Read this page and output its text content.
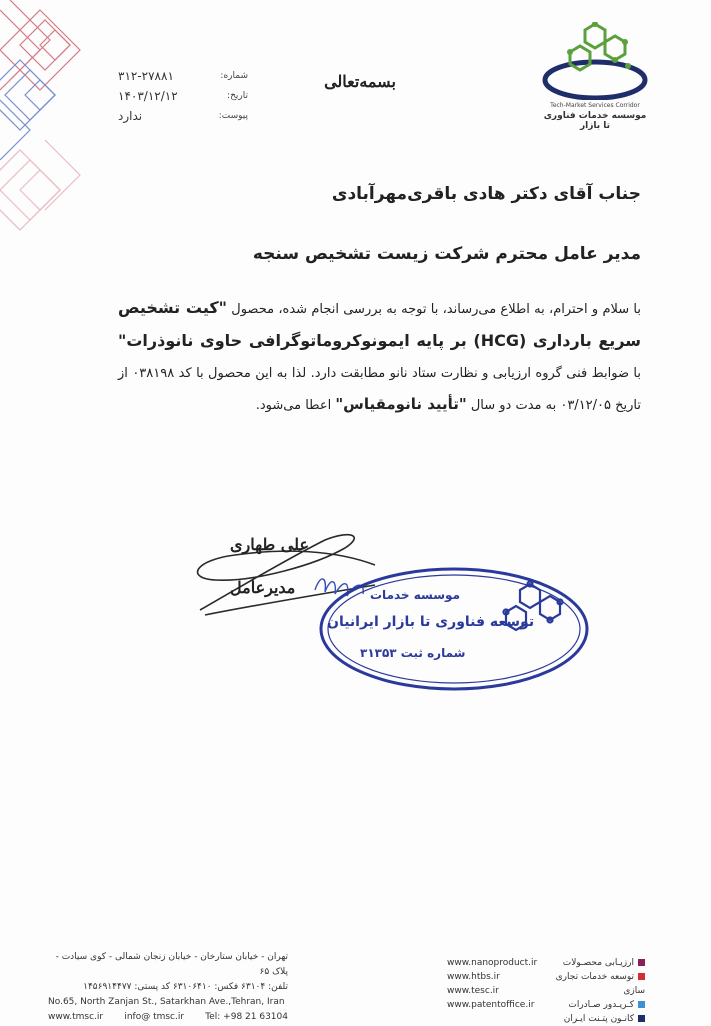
Tech-Market Services Corridor
موسسه خدمات فناوری تا بازار
بسمه‌تعالی
شماره:
۳۱۲-۲۷۸۸۱
تاریخ:
۱۴۰۳/۱۲/۱۲
پیوست:
ندارد
جناب آقای دکتر هادی باقری‌مهرآبادی
مدیر عامل محترم شرکت زیست تشخیص سنجه
با سلام و احترام، به اطلاع می‌رساند، با توجه به بررسی انجام شده، محصول "کیت تشخیص سریع بارداری (HCG) بر پایه ایمونوکروماتوگرافی حاوی نانوذرات" با ضوابط فنی گروه ارزیابی و نظارت ستاد نانو مطابقت دارد. لذا به این محصول با کد ۰۳۸۱۹۸ از تاریخ ۰۳/۱۲/۰۵ به مدت دو سال "تأیید نانومقیاس" اعطا می‌شود.
علی طهاری
مدیرعامل	موسسه خدمات
توسعه فناوری تا بازار ایرانیان
شماره ثبت ۳۱۳۵۳
تهران - خیابان ستارخان - خیابان زنجان شمالی - کوی سیادت - پلاک ۶۵
تلفن: ۶۳۱۰۴ فکس: ۶۳۱۰۶۴۱۰ کد پستی: ۱۴۵۶۹۱۴۴۷۷
No.65, North Zanjan St., Satarkhan Ave.,Tehran, Iran
www.tmsc.ir info@ tmsc.ir Tel: +98 21 63104
www.nanoproduct.ir
www.htbs.ir
www.tesc.ir
www.patentoffice.ir
ارزیـابی محصـولات
توسعه خدمات تجاری سازی
کـریـدور صـادرات
کانـون پتـنت ایـران
